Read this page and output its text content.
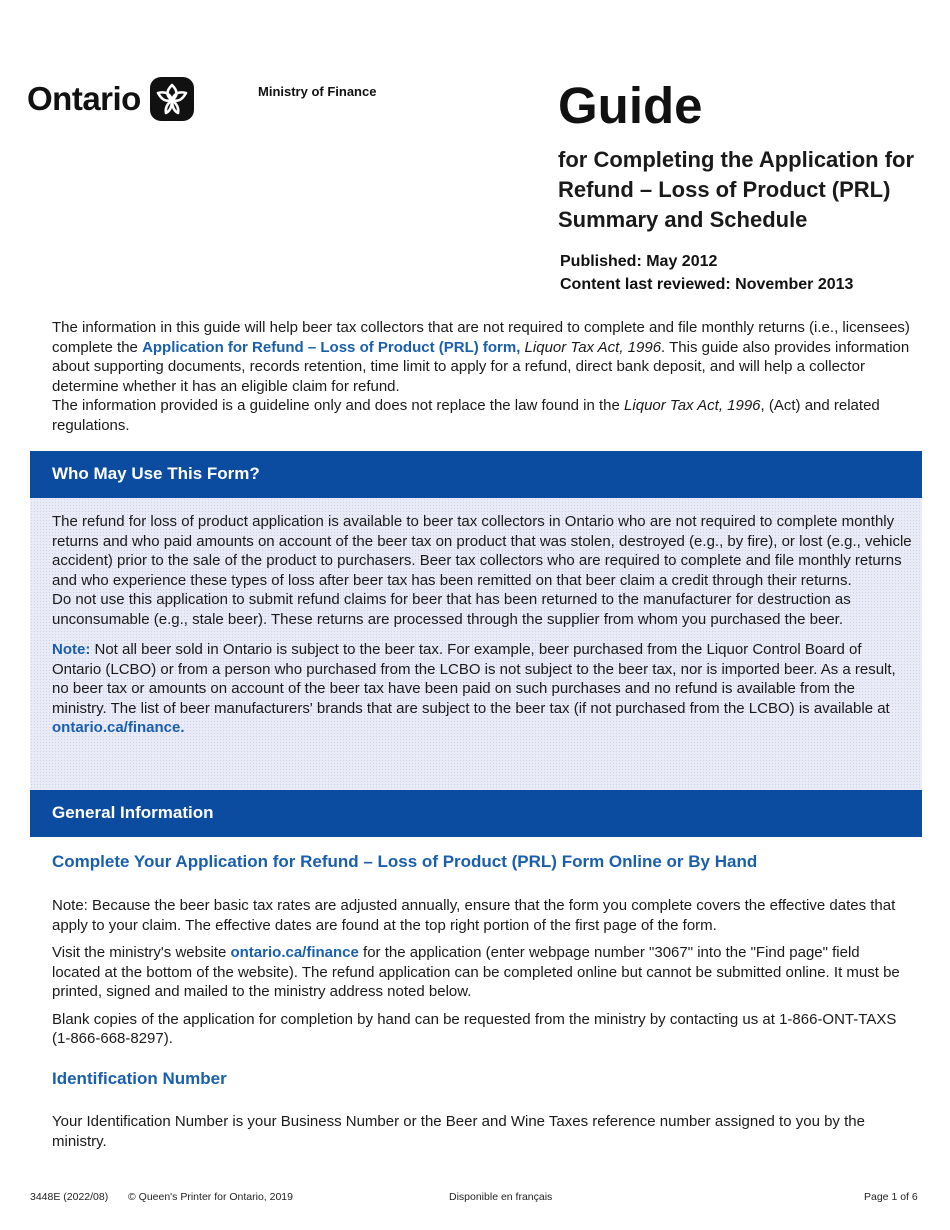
Ontario	Ministry of Finance	Guide
for Completing the Application for Refund – Loss of Product (PRL) Summary and Schedule
Published: May 2012
Content last reviewed: November 2013

The information in this guide will help beer tax collectors that are not required to complete and file monthly returns (i.e., licensees) complete the Application for Refund – Loss of Product (PRL) form, Liquor Tax Act, 1996. This guide also provides information about supporting documents, records retention, time limit to apply for a refund, direct bank deposit, and will help a collector determine whether it has an eligible claim for refund.

The information provided is a guideline only and does not replace the law found in the Liquor Tax Act, 1996, (Act) and related regulations.

Who May Use This Form?

The refund for loss of product application is available to beer tax collectors in Ontario who are not required to complete monthly returns and who paid amounts on account of the beer tax on product that was stolen, destroyed (e.g., by fire), or lost (e.g., vehicle accident) prior to the sale of the product to purchasers. Beer tax collectors who are required to complete and file monthly returns and who experience these types of loss after beer tax has been remitted on that beer claim a credit through their returns.

Do not use this application to submit refund claims for beer that has been returned to the manufacturer for destruction as unconsumable (e.g., stale beer). These returns are processed through the supplier from whom you purchased the beer.

Note: Not all beer sold in Ontario is subject to the beer tax. For example, beer purchased from the Liquor Control Board of Ontario (LCBO) or from a person who purchased from the LCBO is not subject to the beer tax, nor is imported beer. As a result, no beer tax or amounts on account of the beer tax have been paid on such purchases and no refund is available from the ministry. The list of beer manufacturers' brands that are subject to the beer tax (if not purchased from the LCBO) is available at ontario.ca/finance.

General Information
Complete Your Application for Refund – Loss of Product (PRL) Form Online or By Hand

Note: Because the beer basic tax rates are adjusted annually, ensure that the form you complete covers the effective dates that apply to your claim. The effective dates are found at the top right portion of the first page of the form.

Visit the ministry's website ontario.ca/finance for the application (enter webpage number "3067" into the "Find page" field located at the bottom of the website). The refund application can be completed online but cannot be submitted online. It must be printed, signed and mailed to the ministry address noted below.

Blank copies of the application for completion by hand can be requested from the ministry by contacting us at 1-866-ONT-TAXS (1-866-668-8297).

Identification Number

Your Identification Number is your Business Number or the Beer and Wine Taxes reference number assigned to you by the ministry.

3448E (2022/08) © Queen's Printer for Ontario, 2019	Disponible en français	Page 1 of 6
